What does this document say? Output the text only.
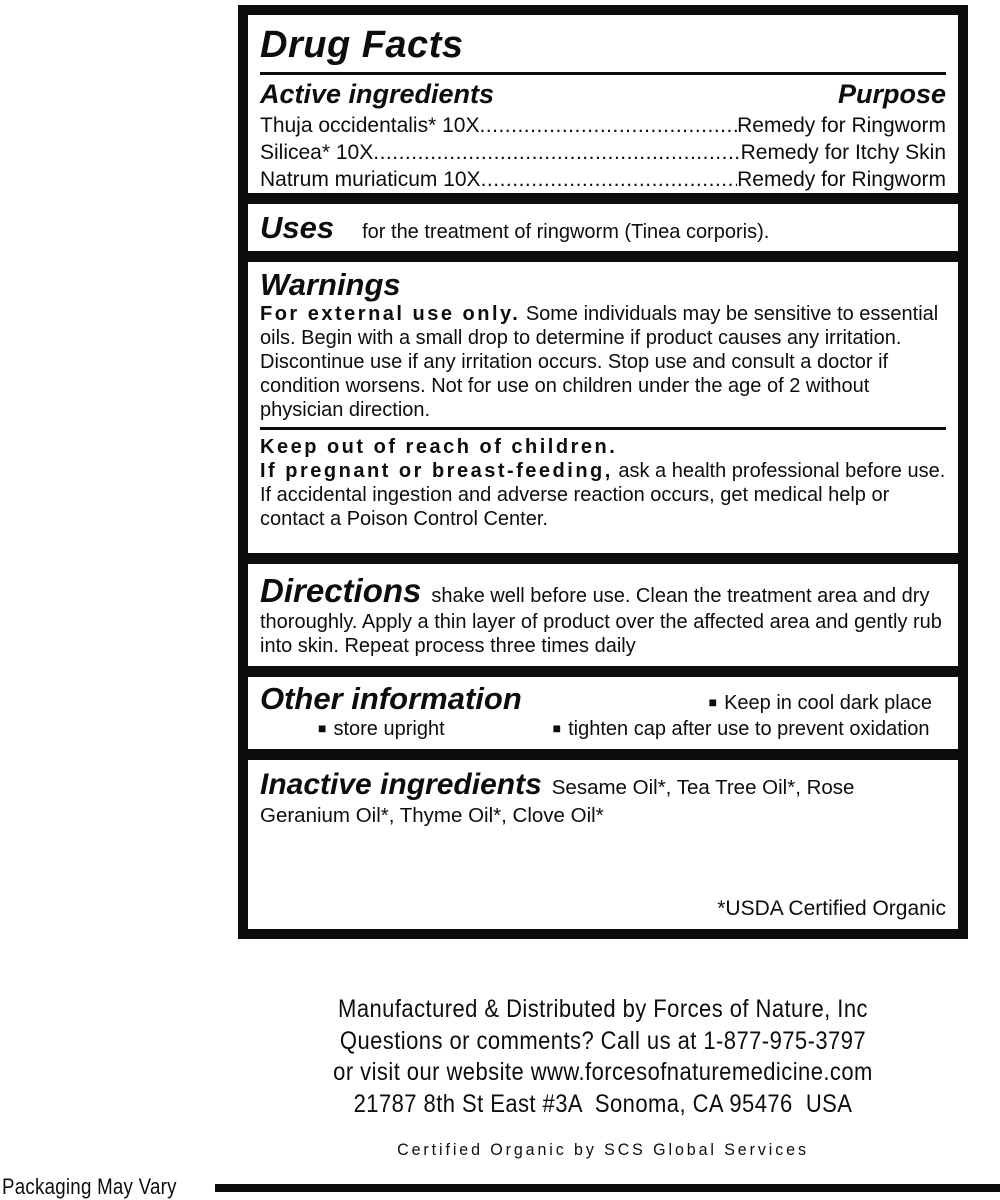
Drug Facts
Active ingredients	Purpose
Thuja occidentalis* 10X .....	Remedy for Ringworm
Silicea* 10X .....	Remedy for Itchy Skin
Natrum muriaticum 10X .....	Remedy for Ringworm
Uses for the treatment of ringworm (Tinea corporis).
Warnings

For external use only. Some individuals may be sensitive to essential oils. Begin with a small drop to determine if product causes any irritation. Discontinue use if any irritation occurs. Stop use and consult a doctor if condition worsens. Not for use on children under the age of 2 without physician direction.

Keep out of reach of children.

If pregnant or breast-feeding, ask a health professional before use. If accidental ingestion and adverse reaction occurs, get medical help or contact a Poison Control Center.

Directions shake well before use. Clean the treatment area and dry thoroughly. Apply a thin layer of product over the affected area and gently rub into skin. Repeat process three times daily

Other information	■ Keep in cool dark place
■ store upright	■ tighten cap after use to prevent oxidation

Inactive ingredients Sesame Oil*, Tea Tree Oil*, Rose Geranium Oil*, Thyme Oil*, Clove Oil*

*USDA Certified Organic
Manufactured & Distributed by Forces of Nature, Inc
Questions or comments? Call us at 1-877-975-3797
or visit our website www.forcesofnaturemedicine.com
21787 8th St East #3A  Sonoma, CA 95476  USA
Certified Organic by SCS Global Services
Packaging May Vary
